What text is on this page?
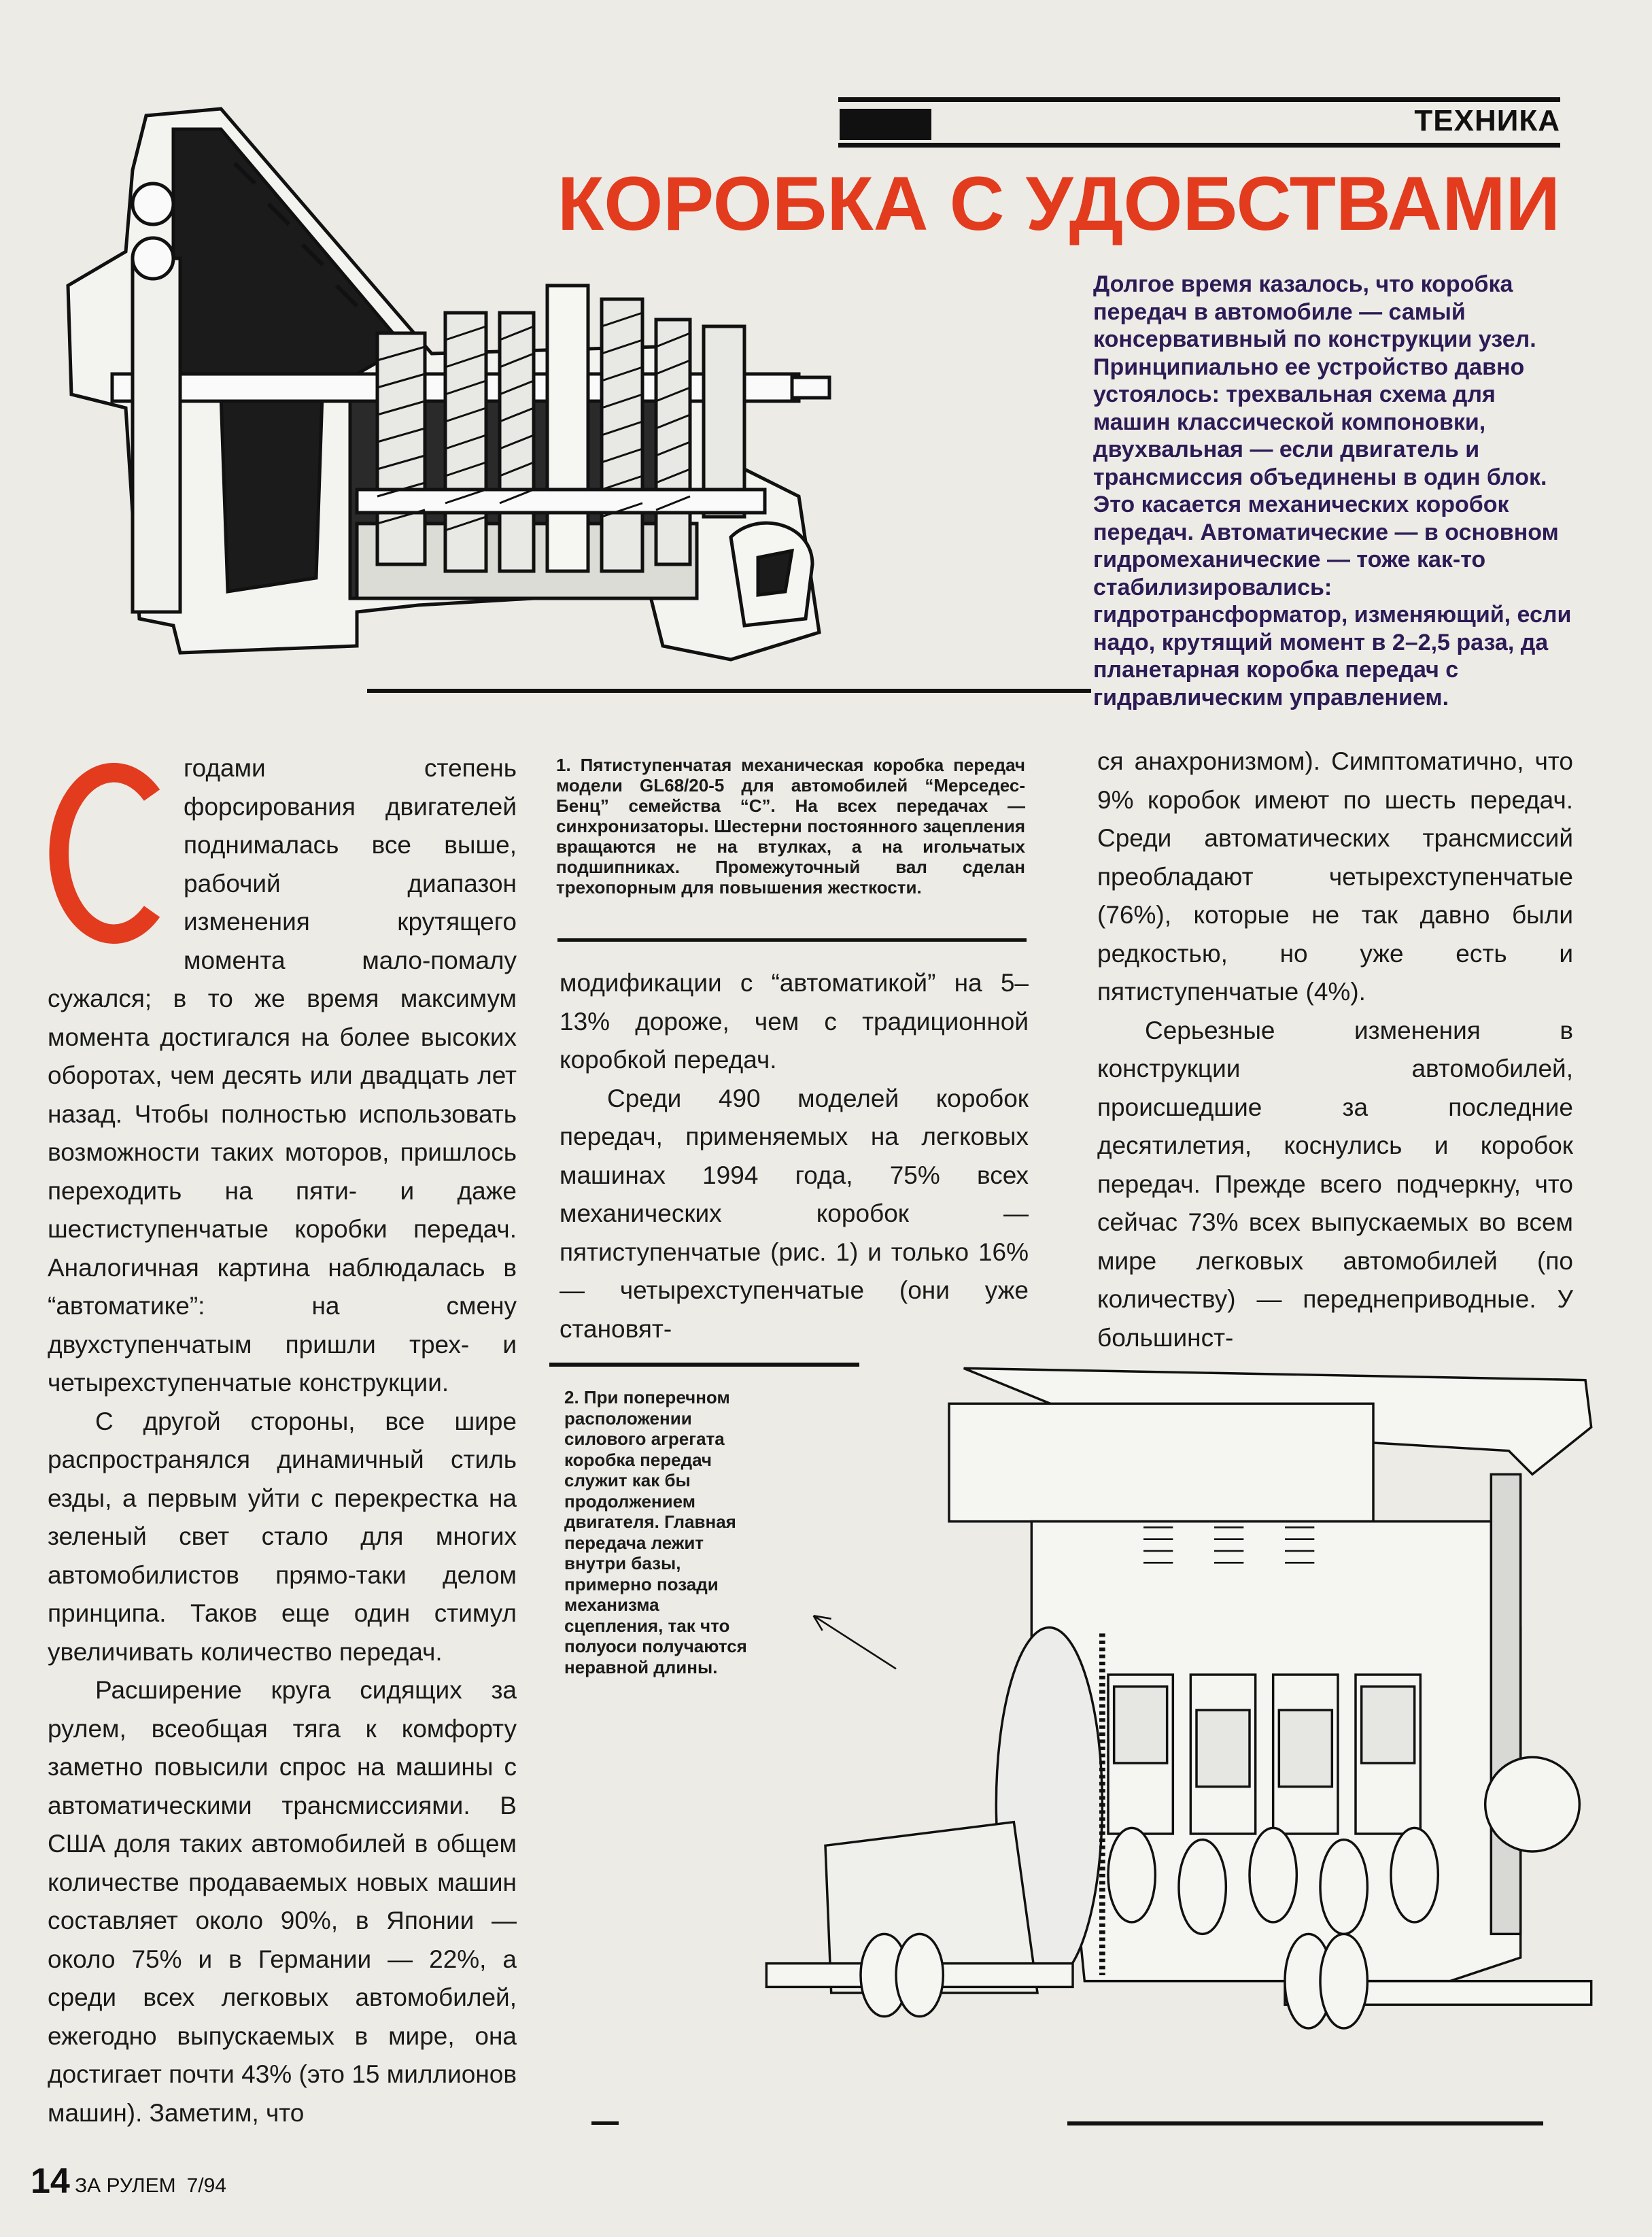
ТЕХНИКА
КОРОБКА С УДОБСТВАМИ

Долгое время казалось, что коробка передач в автомобиле — самый консервативный по конструкции узел. Принципиально ее устройство давно устоялось: трехвальная схема для машин классической компоновки, двухвальная — если двигатель и трансмиссия объединены в один блок. Это касается механических коробок передач. Автоматические — в основном гидромеханические — тоже как-то стабилизировались: гидротрансформатор, изменяющий, если надо, крутящий момент в 2–2,5 раза, да планетарная коробка передач с гидравлическим управлением.

годами степень форсирования двигателей поднималась все выше, рабочий диапазон изменения крутящего момента мало-помалу сужался; в то же время максимум момента достигался на более высоких оборотах, чем десять или двадцать лет назад. Чтобы полностью использовать возможности таких моторов, пришлось переходить на пяти- и даже шестиступенчатые коробки передач. Аналогичная картина наблюдалась в “автоматике”: на смену двухступенчатым пришли трех- и четырехступенчатые конструкции.

С другой стороны, все шире распространялся динамичный стиль езды, а первым уйти с перекрестка на зеленый свет стало для многих автомобилистов прямо-таки делом принципа. Таков еще один стимул увеличивать количество передач.

Расширение круга сидящих за рулем, всеобщая тяга к комфорту заметно повысили спрос на машины с автоматическими трансмиссиями. В США доля таких автомобилей в общем количестве продаваемых новых машин составляет около 90%, в Японии — около 75% и в Германии — 22%, а среди всех легковых автомобилей, ежегодно выпускаемых в мире, она достигает почти 43% (это 15 миллионов машин). Заметим, что

1. Пятиступенчатая механическая коробка передач модели GL68/20-5 для автомобилей “Мерседес-Бенц” семейства “С”. На всех передачах — синхронизаторы. Шестерни постоянного зацепления вращаются не на втулках, а на игольчатых подшипниках. Промежуточный вал сделан трехопорным для повышения жесткости.

модификации с “автоматикой” на 5–13% дороже, чем с традиционной коробкой передач.

Среди 490 моделей коробок передач, применяемых на легковых машинах 1994 года, 75% всех механических коробок — пятиступенчатые (рис. 1) и только 16% — четырехступенчатые (они уже становят-

ся анахронизмом). Симптоматично, что 9% коробок имеют по шесть передач. Среди автоматических трансмиссий преобладают четырехступенчатые (76%), которые не так давно были редкостью, но уже есть и пятиступенчатые (4%).

Серьезные изменения в конструкции автомобилей, происшедшие за последние десятилетия, коснулись и коробок передач. Прежде всего подчеркну, что сейчас 73% всех выпускаемых во всем мире легковых автомобилей (по количеству) — переднеприводные. У большинст-

2. При поперечном расположении силового агрегата коробка передач служит как бы продолжением двигателя. Главная передача лежит внутри базы, примерно позади механизма сцепления, так что полуоси получаются неравной длины.
14 ЗА РУЛЕМ 7/94
